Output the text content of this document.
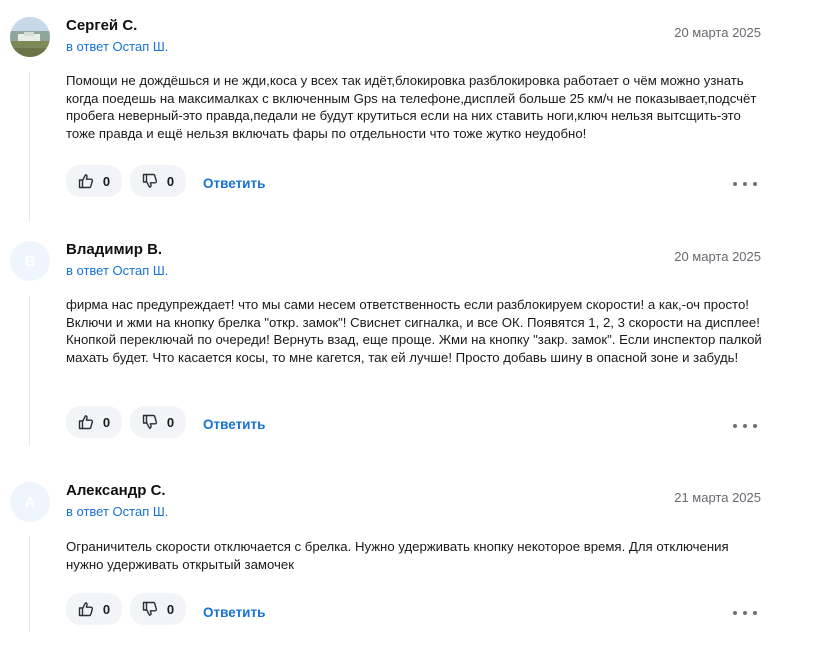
Сергей С.
в ответ Остап Ш.
20 марта 2025
Помощи не дождёшься и не жди,коса у всех так идёт,блокировка разблокировка работает о чём можно узнать когда поедешь на максималках с включенным Gps на телефоне,дисплей больше 25 км/ч не показывает,подсчёт пробега неверный-это правда,педали не будут крутиться если на них ставить ноги,ключ нельзя вытсщить-это тоже правда и ещё нельзя включать фары по отдельности что тоже жутко неудобно!
0	0 Ответить
В
Владимир В.
в ответ Остап Ш.
20 марта 2025
фирма нас предупреждает! что мы сами несем ответственность если разблокируем скорости! а как,-оч просто! Включи и жми на кнопку брелка "откр. замок"! Свиснет сигналка, и все ОК. Появятся 1, 2, 3 скорости на дисплее! Кнопкой переключай по очереди! Вернуть взад, еще проще. Жми на кнопку "закр. замок". Если инспектор палкой махать будет. Что касается косы, то мне кагется, так ей лучше! Просто добавь шину в опасной зоне и забудь!
0	0 Ответить
А
Александр С.
в ответ Остап Ш.
21 марта 2025
Ограничитель скорости отключается с брелка. Нужно удерживать кнопку некоторое время. Для отключения нужно удерживать открытый замочек
0	0 Ответить
